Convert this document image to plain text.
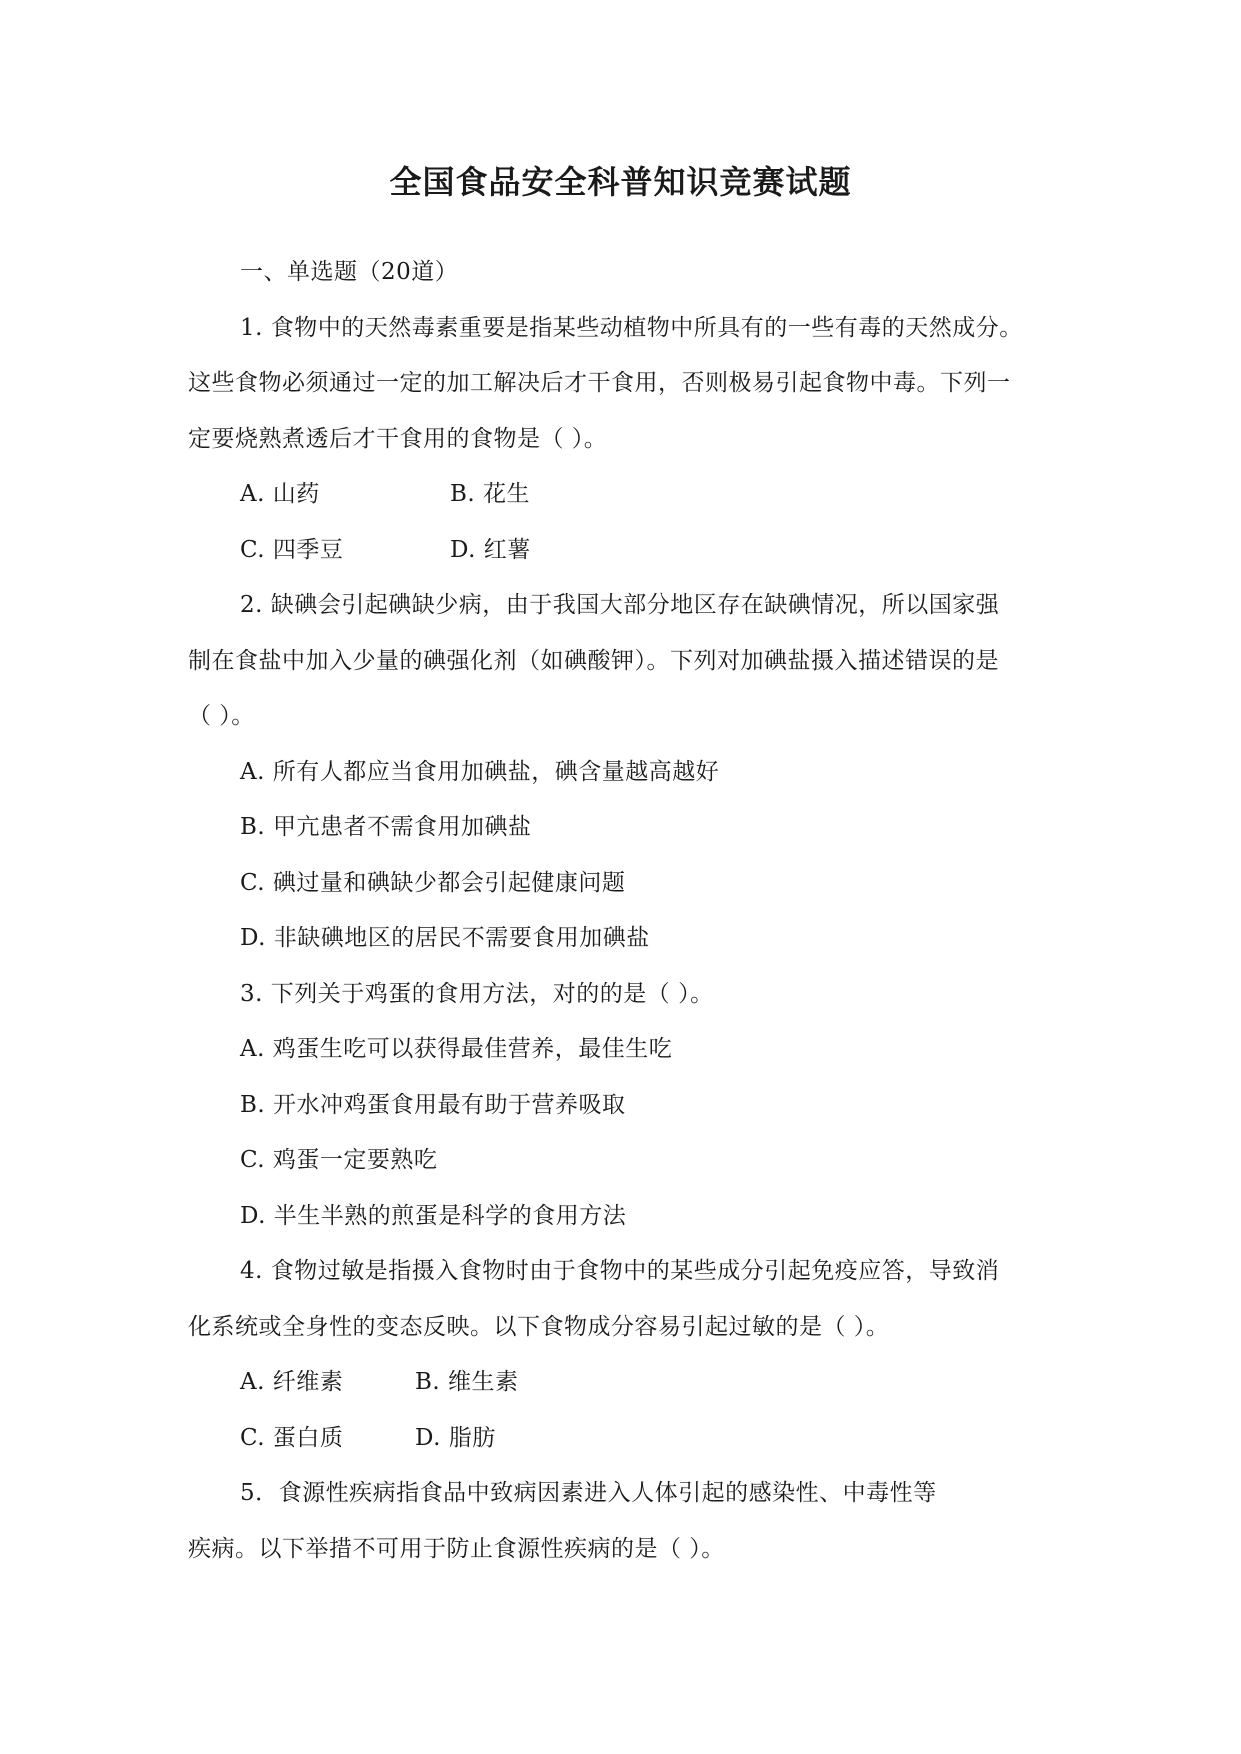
全国食品安全科普知识竞赛试题
一、单选题（20道）
1. 食物中的天然毒素重要是指某些动植物中所具有的一些有毒的天然成分。
这些食物必须通过一定的加工解决后才干食用，否则极易引起食物中毒。下列一
定要烧熟煮透后才干食用的食物是（ ）。
A. 山药	B. 花生
C. 四季豆	D. 红薯
2. 缺碘会引起碘缺少病，由于我国大部分地区存在缺碘情况，所以国家强
制在食盐中加入少量的碘强化剂（如碘酸钾）。下列对加碘盐摄入描述错误的是
（ ）。
A. 所有人都应当食用加碘盐，碘含量越高越好
B. 甲亢患者不需食用加碘盐
C. 碘过量和碘缺少都会引起健康问题
D. 非缺碘地区的居民不需要食用加碘盐
3. 下列关于鸡蛋的食用方法，对的的是（ ）。
A. 鸡蛋生吃可以获得最佳营养，最佳生吃
B. 开水冲鸡蛋食用最有助于营养吸取
C. 鸡蛋一定要熟吃
D. 半生半熟的煎蛋是科学的食用方法
4. 食物过敏是指摄入食物时由于食物中的某些成分引起免疫应答，导致消
化系统或全身性的变态反映。以下食物成分容易引起过敏的是（ ）。
A. 纤维素	B. 维生素
C. 蛋白质	D. 脂肪
5．食源性疾病指食品中致病因素进入人体引起的感染性、中毒性等
疾病。以下举措不可用于防止食源性疾病的是（ ）。
